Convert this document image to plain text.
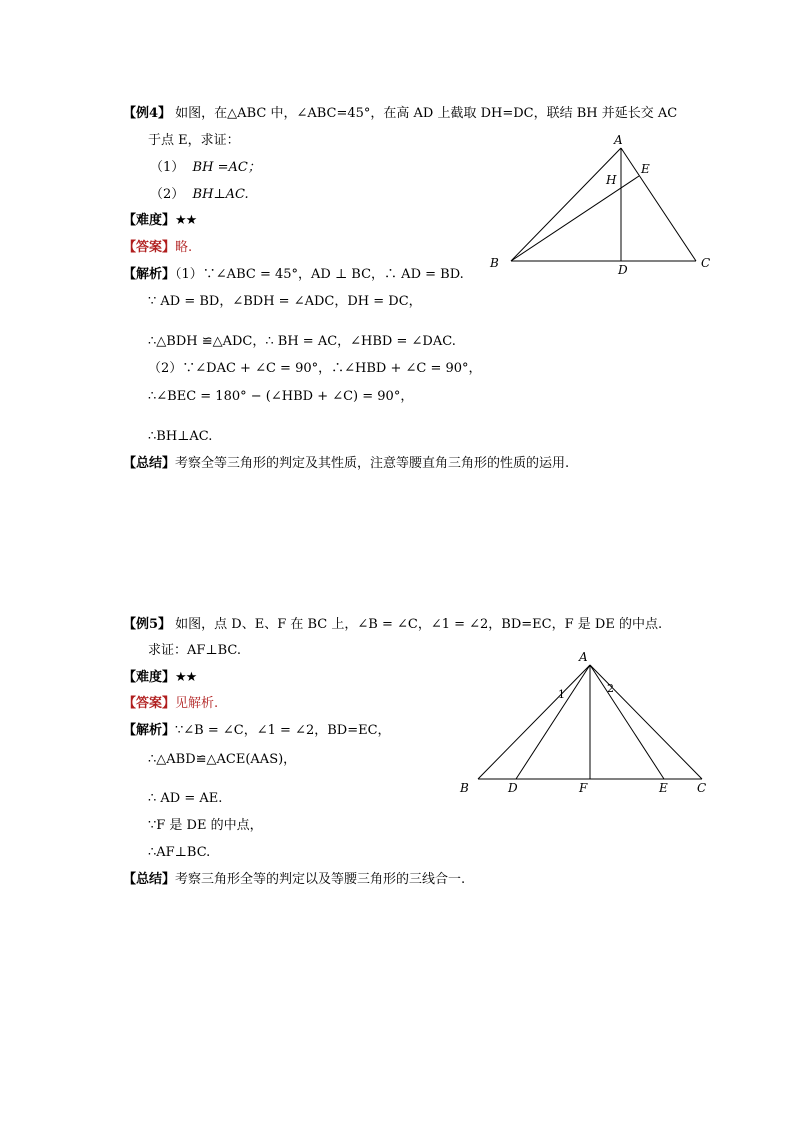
【例4】 如图，在△ABC 中，∠ABC=45°，在高 AD 上截取 DH=DC，联结 BH 并延长交 AC
于点 E，求证：
（1） BH =AC；
（2） BH⊥AC.
【难度】★★
【答案】略.
【解析】（1）∵∠ABC = 45°，AD ⊥ BC，∴ AD = BD.
∵ AD = BD，∠BDH = ∠ADC，DH = DC，
∴△BDH ≌△ADC，∴ BH = AC，∠HBD = ∠DAC.
（2）∵∠DAC + ∠C = 90°，∴∠HBD + ∠C = 90°，
∴∠BEC = 180° − (∠HBD + ∠C) = 90°，
∴BH⊥AC.
【总结】考察全等三角形的判定及其性质，注意等腰直角三角形的性质的运用.
A
B	C
D
E
H
【例5】 如图，点 D、E、F 在 BC 上，∠B = ∠C，∠1 = ∠2，BD=EC，F 是 DE 的中点.
求证：AF⊥BC.
【难度】★★
【答案】见解析.
【解析】∵∠B = ∠C，∠1 = ∠2，BD=EC，
∴△ABD≌△ACE(AAS)，
∴ AD = AE.
∵F 是 DE 的中点，
∴AF⊥BC.
【总结】考察三角形全等的判定以及等腰三角形的三线合一.
A
B	D	F	E C
1	2
